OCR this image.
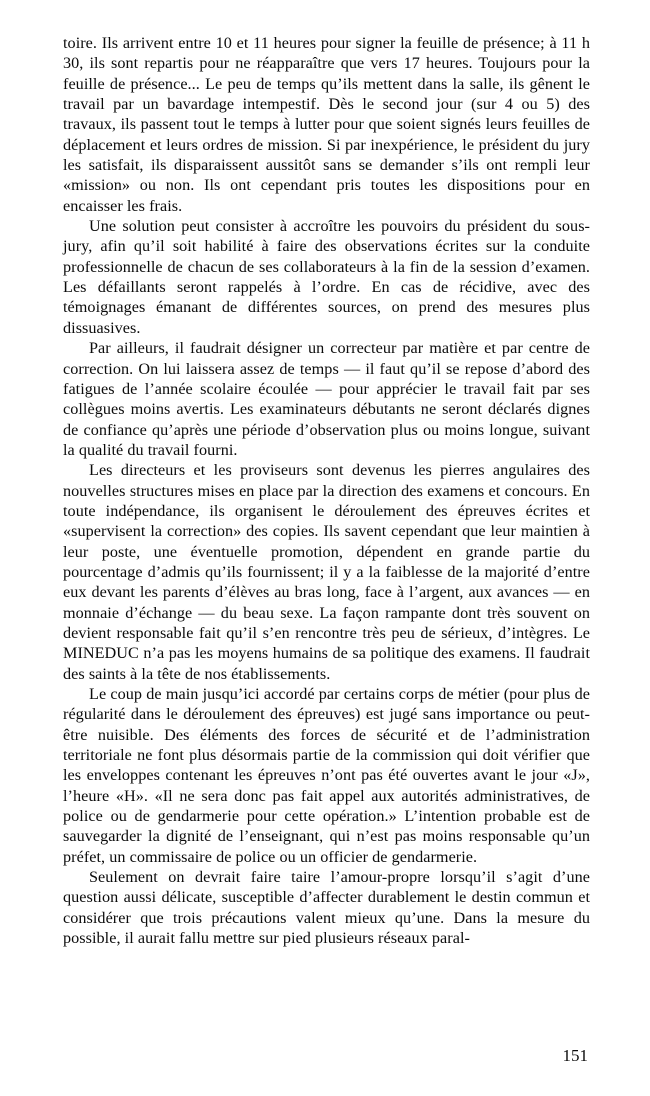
toire. Ils arrivent entre 10 et 11 heures pour signer la feuille de présence; à 11 h 30, ils sont repartis pour ne réapparaître que vers 17 heures. Toujours pour la feuille de présence... Le peu de temps qu’ils mettent dans la salle, ils gênent le travail par un bavardage intempestif. Dès le second jour (sur 4 ou 5) des travaux, ils passent tout le temps à lutter pour que soient signés leurs feuilles de déplacement et leurs ordres de mission. Si par inexpérience, le président du jury les satisfait, ils disparaissent aussitôt sans se demander s’ils ont rempli leur «mission» ou non. Ils ont cependant pris toutes les dispositions pour en encaisser les frais.

Une solution peut consister à accroître les pouvoirs du président du sous-jury, afin qu’il soit habilité à faire des observations écrites sur la conduite professionnelle de chacun de ses collaborateurs à la fin de la session d’examen. Les défaillants seront rappelés à l’ordre. En cas de récidive, avec des témoignages émanant de différentes sources, on prend des mesures plus dissuasives.

Par ailleurs, il faudrait désigner un correcteur par matière et par centre de correction. On lui laissera assez de temps — il faut qu’il se repose d’abord des fatigues de l’année scolaire écoulée — pour apprécier le travail fait par ses collègues moins avertis. Les examinateurs débutants ne seront déclarés dignes de confiance qu’après une période d’observation plus ou moins longue, suivant la qualité du travail fourni.

Les directeurs et les proviseurs sont devenus les pierres angulaires des nouvelles structures mises en place par la direction des examens et concours. En toute indépendance, ils organisent le déroulement des épreuves écrites et «supervisent la correction» des copies. Ils savent cependant que leur maintien à leur poste, une éventuelle promotion, dépendent en grande partie du pourcentage d’admis qu’ils fournissent; il y a la faiblesse de la majorité d’entre eux devant les parents d’élèves au bras long, face à l’argent, aux avances — en monnaie d’échange — du beau sexe. La façon rampante dont très souvent on devient responsable fait qu’il s’en rencontre très peu de sérieux, d’intègres. Le MINEDUC n’a pas les moyens humains de sa politique des examens. Il faudrait des saints à la tête de nos établissements.

Le coup de main jusqu’ici accordé par certains corps de métier (pour plus de régularité dans le déroulement des épreuves) est jugé sans importance ou peut-être nuisible. Des éléments des forces de sécurité et de l’administration territoriale ne font plus désormais partie de la commission qui doit vérifier que les enveloppes contenant les épreuves n’ont pas été ouvertes avant le jour «J», l’heure «H». «Il ne sera donc pas fait appel aux autorités administratives, de police ou de gendarmerie pour cette opération.» L’intention probable est de sauvegarder la dignité de l’enseignant, qui n’est pas moins responsable qu’un préfet, un commissaire de police ou un officier de gendarmerie.

Seulement on devrait faire taire l’amour-propre lorsqu’il s’agit d’une question aussi délicate, susceptible d’affecter durablement le destin commun et considérer que trois précautions valent mieux qu’une. Dans la mesure du possible, il aurait fallu mettre sur pied plusieurs réseaux paral-

151
